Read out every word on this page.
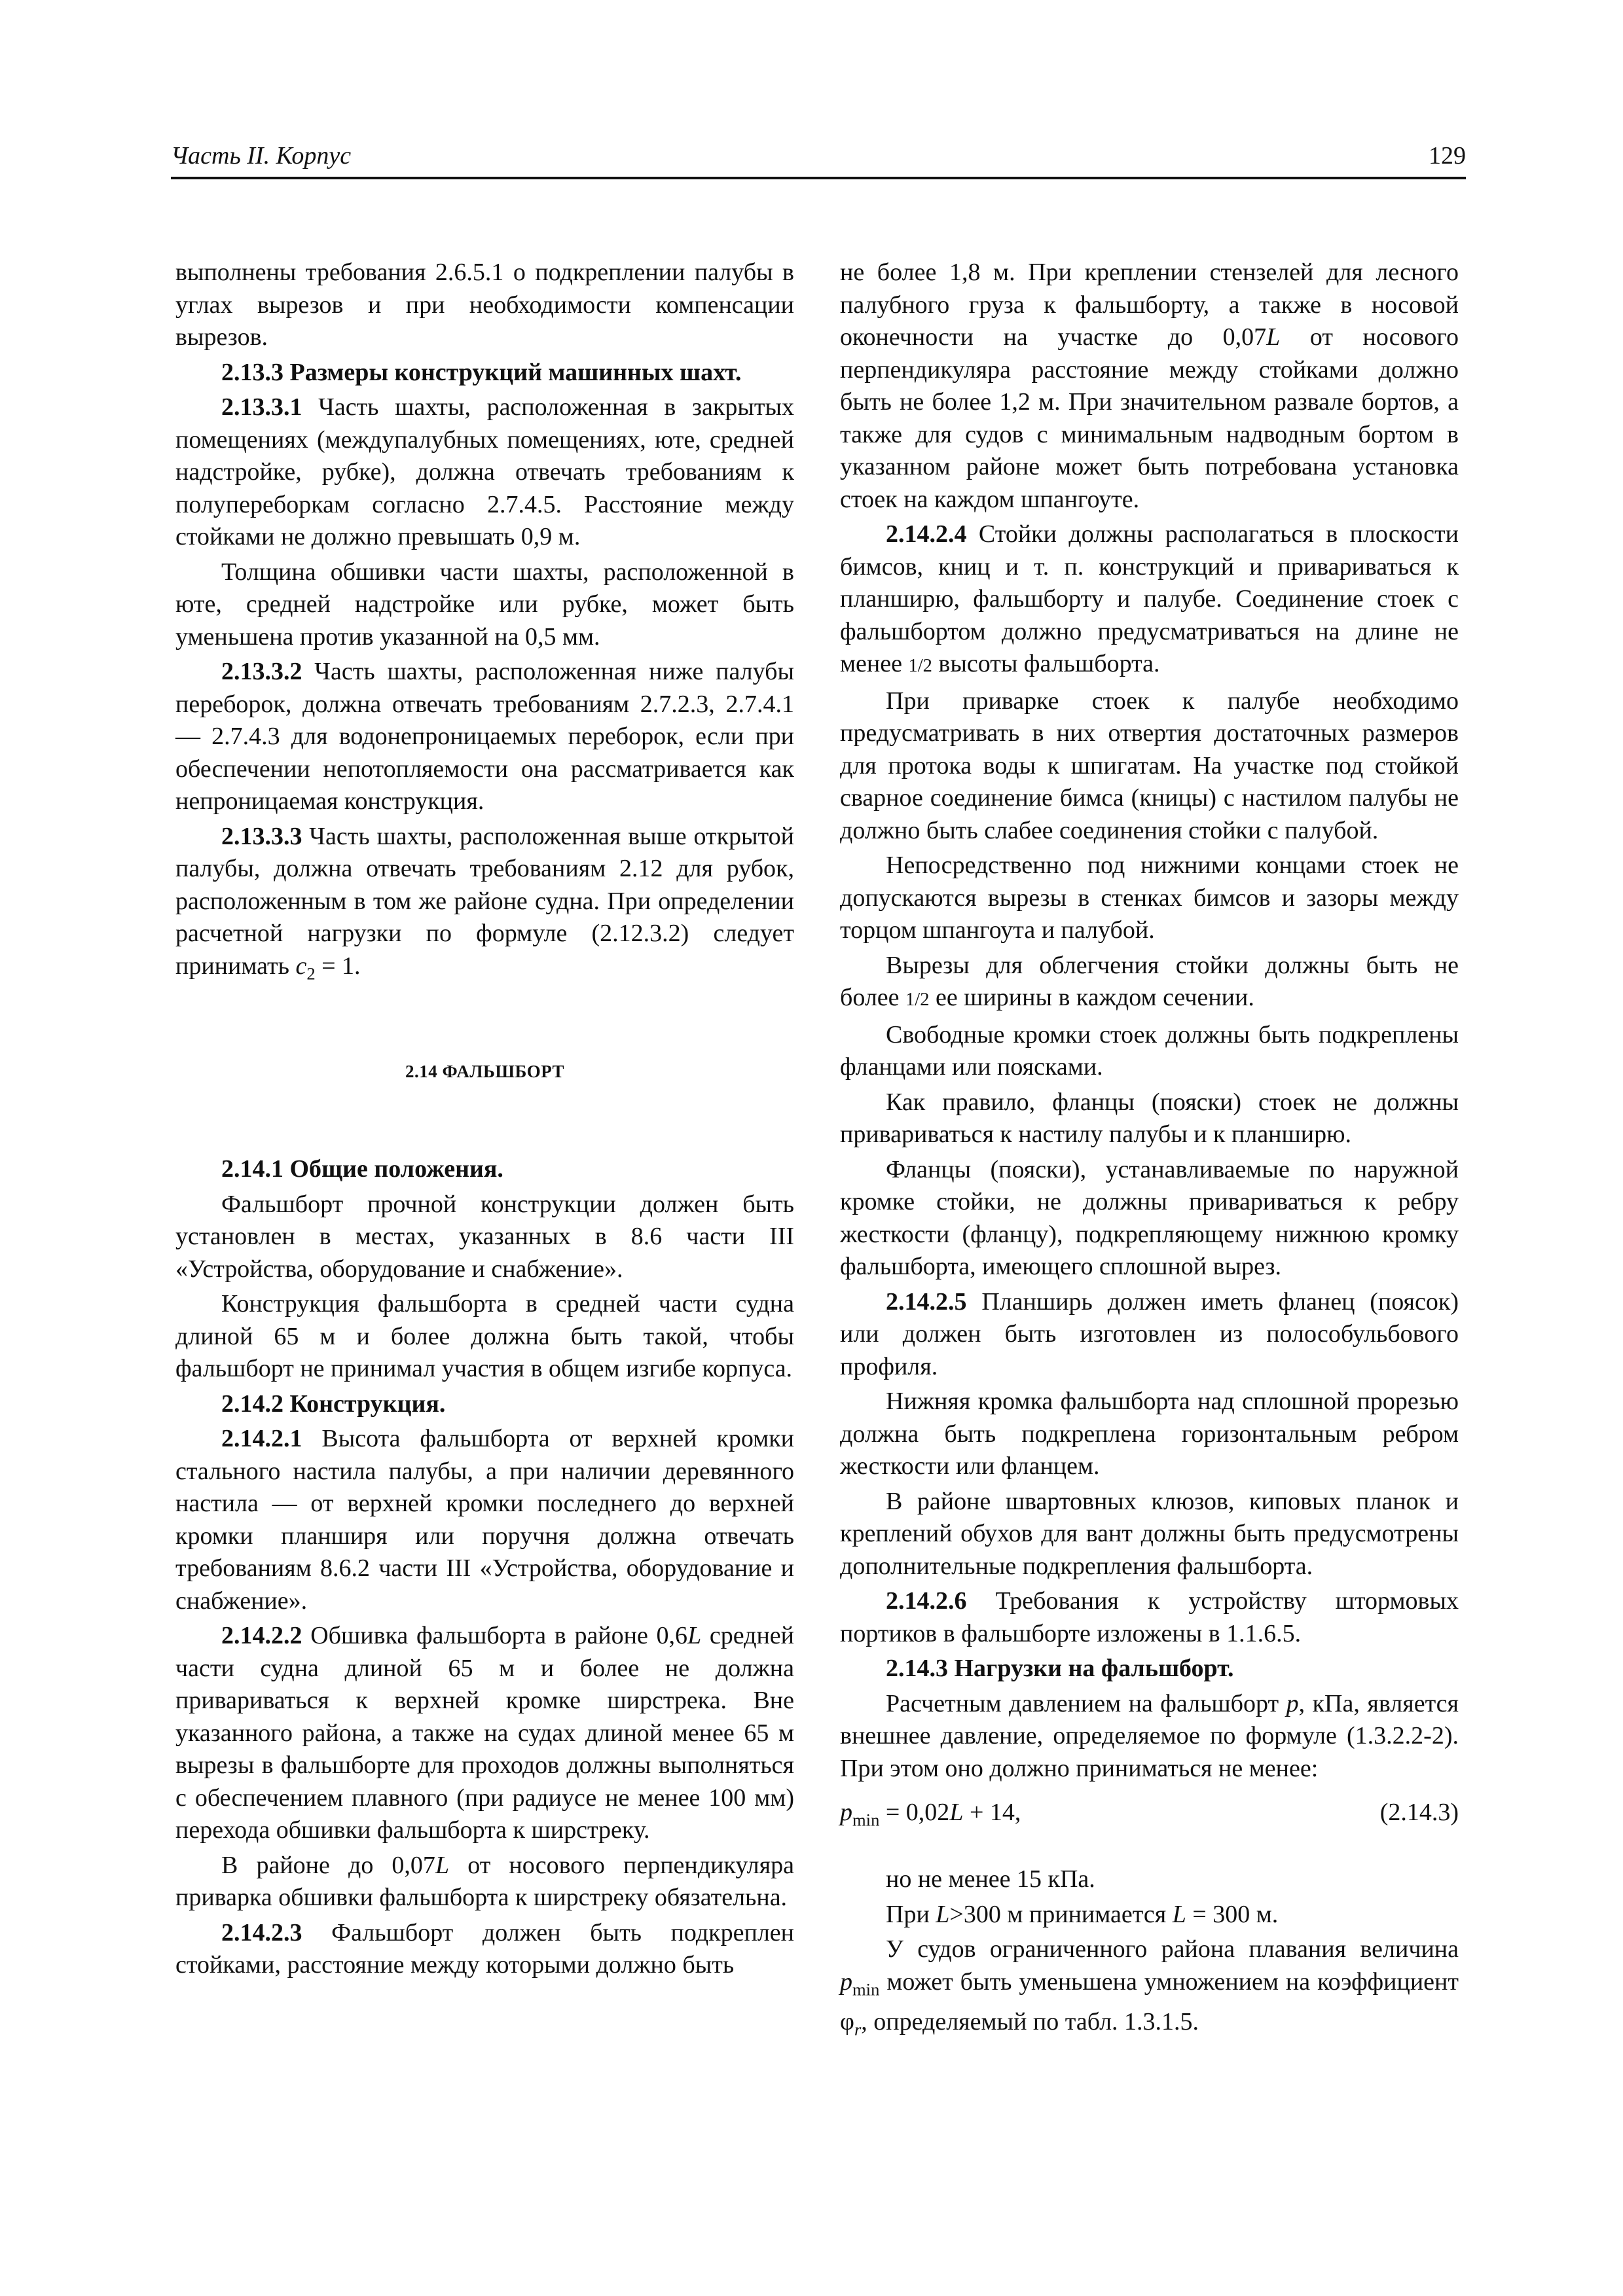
Часть II. Корпус	129

выполнены требования 2.6.5.1 о подкреплении палубы в углах вырезов и при необходимости компенсации вырезов.

2.13.3 Размеры конструкций машинных шахт.

2.13.3.1 Часть шахты, расположенная в закрытых помещениях (междупалубных помещениях, юте, средней надстройке, рубке), должна отвечать требованиям к полупереборкам согласно 2.7.4.5. Расстояние между стойками не должно превышать 0,9 м.

Толщина обшивки части шахты, расположенной в юте, средней надстройке или рубке, может быть уменьшена против указанной на 0,5 мм.

2.13.3.2 Часть шахты, расположенная ниже палубы переборок, должна отвечать требованиям 2.7.2.3, 2.7.4.1 — 2.7.4.3 для водонепроницаемых переборок, если при обеспечении непотопляемости она рассматривается как непроницаемая конструкция.

2.13.3.3 Часть шахты, расположенная выше открытой палубы, должна отвечать требованиям 2.12 для рубок, расположенным в том же районе судна. При определении расчетной нагрузки по формуле (2.12.3.2) следует принимать $c_2 = 1$.

2.14 ФАЛЬШБОРТ
2.14.1 Общие положения.

Фальшборт прочной конструкции должен быть установлен в местах, указанных в 8.6 части III «Устройства, оборудование и снабжение».

Конструкция фальшборта в средней части судна длиной 65 м и более должна быть такой, чтобы фальшборт не принимал участия в общем изгибе корпуса.

2.14.2 Конструкция.

2.14.2.1 Высота фальшборта от верхней кромки стального настила палубы, а при наличии деревянного настила — от верхней кромки последнего до верхней кромки планширя или поручня должна отвечать требованиям 8.6.2 части III «Устройства, оборудование и снабжение».

2.14.2.2 Обшивка фальшборта в районе 0,6L средней части судна длиной 65 м и более не должна привариваться к верхней кромке ширстрека. Вне указанного района, а также на судах длиной менее 65 м вырезы в фальшборте для проходов должны выполняться с обеспечением плавного (при радиусе не менее 100 мм) перехода обшивки фальшборта к ширстреку.

В районе до 0,07L от носового перпендикуляра приварка обшивки фальшборта к ширстреку обязательна.

2.14.2.3 Фальшборт должен быть подкреплен стойками, расстояние между которыми должно быть

не более 1,8 м. При креплении стензелей для лесного палубного груза к фальшборту, а также в носовой оконечности на участке до 0,07L от носового перпендикуляра расстояние между стойками должно быть не более 1,2 м. При значительном развале бортов, а также для судов с минимальным надводным бортом в указанном районе может быть потребована установка стоек на каждом шпангоуте.

2.14.2.4 Стойки должны располагаться в плоскости бимсов, книц и т. п. конструкций и привариваться к планширю, фальшборту и палубе. Соединение стоек с фальшбортом должно предусматриваться на длине не менее 1/2 высоты фальшборта.

При приварке стоек к палубе необходимо предусматривать в них отвертия достаточных размеров для протока воды к шпигатам. На участке под стойкой сварное соединение бимса (кницы) с настилом палубы не должно быть слабее соединения стойки с палубой.

Непосредственно под нижними концами стоек не допускаются вырезы в стенках бимсов и зазоры между торцом шпангоута и палубой.

Вырезы для облегчения стойки должны быть не более 1/2 ее ширины в каждом сечении.

Свободные кромки стоек должны быть подкреплены фланцами или поясками.

Как правило, фланцы (пояски) стоек не должны привариваться к настилу палубы и к планширю.

Фланцы (пояски), устанавливаемые по наружной кромке стойки, не должны привариваться к ребру жесткости (фланцу), подкрепляющему нижнюю кромку фальшборта, имеющего сплошной вырез.

2.14.2.5 Планширь должен иметь фланец (поясок) или должен быть изготовлен из полособульбового профиля.

Нижняя кромка фальшборта над сплошной прорезью должна быть подкреплена горизонтальным ребром жесткости или фланцем.

В районе швартовных клюзов, киповых планок и креплений обухов для вант должны быть предусмотрены дополнительные подкрепления фальшборта.

2.14.2.6 Требования к устройству штормовых портиков в фальшборте изложены в 1.1.6.5.

2.14.3 Нагрузки на фальшборт.

Расчетным давлением на фальшборт p, кПа, является внешнее давление, определяемое по формуле (1.3.2.2-2). При этом оно должно приниматься не менее:

$p_{min} = 0,02L + 14$,	(2.14.3)

но не менее 15 кПа.

При L>300 м принимается L = 300 м.

У судов ограниченного района плавания величина $p_{min}$ может быть уменьшена умножением на коэффициент $\varphi_r$, определяемый по табл. 1.3.1.5.
